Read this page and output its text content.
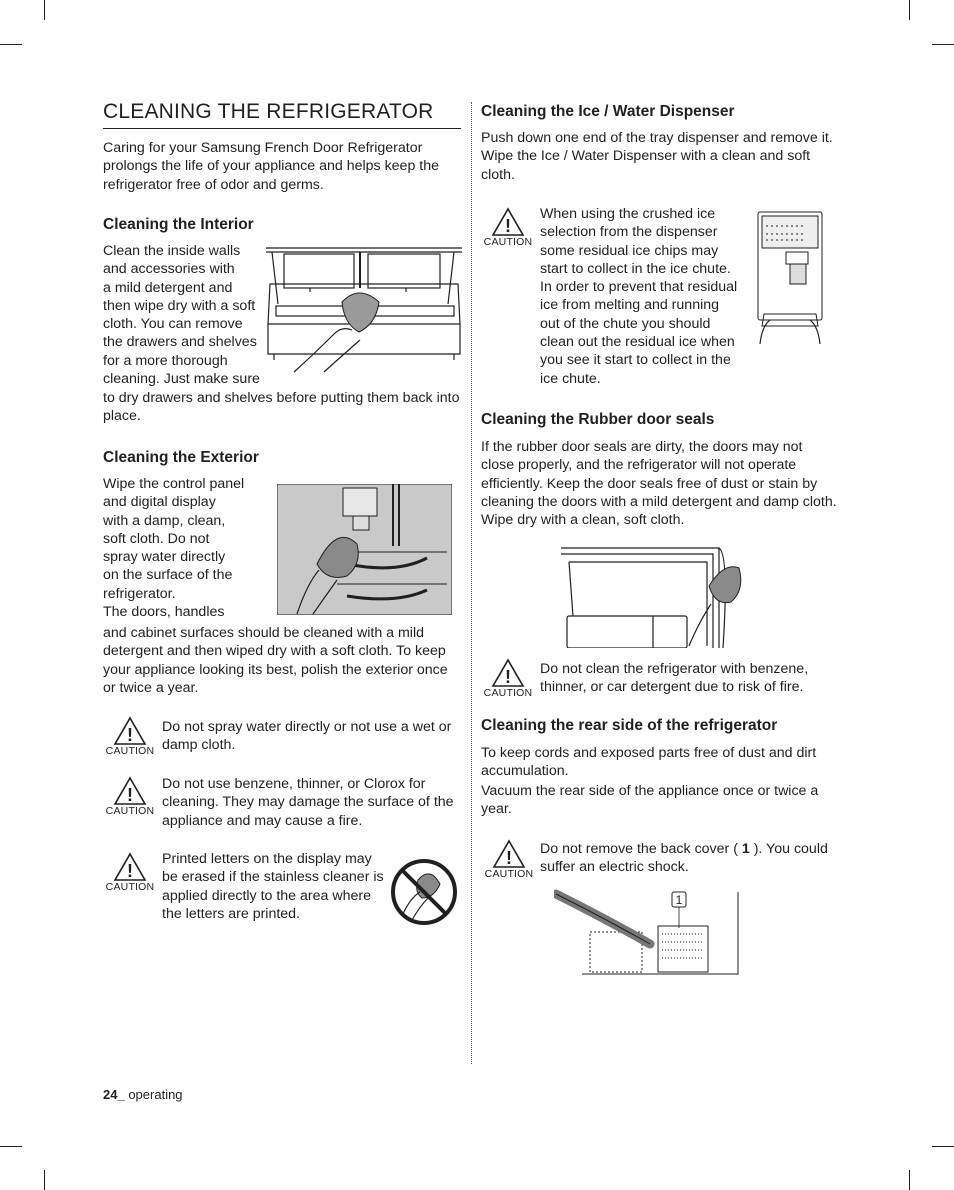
CLEANING THE REFRIGERATOR

Caring for your Samsung French Door Refrigerator prolongs the life of your appliance and helps keep the refrigerator free of odor and germs.

Cleaning the Interior

Clean the inside walls

and accessories with

a mild detergent and

then wipe dry with a soft

cloth. You can remove

the drawers and shelves

for a more thorough

cleaning. Just make sure

to dry drawers and shelves before putting them back into place.

Cleaning the Exterior

Wipe the control panel

and digital display

with a damp, clean,

soft cloth. Do not

spray water directly

on the surface of the

refrigerator.

The doors, handles

and cabinet surfaces should be cleaned with a mild detergent and then wiped dry with a soft cloth. To keep your appliance looking its best, polish the exterior once or twice a year.

!
CAUTION

Do not spray water directly or not use a wet or damp cloth.

!
CAUTION

Do not use benzene, thinner, or Clorox for cleaning. They may damage the surface of the appliance and may cause a fire.

!
CAUTION

Printed letters on the display may be erased if the stainless cleaner is applied directly to the area where the letters are printed.

Cleaning the Ice / Water Dispenser

Push down one end of the tray dispenser and remove it. Wipe the Ice / Water Dispenser with a clean and soft cloth.

!
CAUTION

When using the crushed ice selection from the dispenser some residual ice chips may start to collect in the ice chute. In order to prevent that residual ice from melting and running out of the chute you should clean out the residual ice when you see it start to collect in the ice chute.

Cleaning the Rubber door seals

If the rubber door seals are dirty, the doors may not close properly, and the refrigerator will not operate efficiently. Keep the door seals free of dust or stain by cleaning the doors with a mild detergent and damp cloth. Wipe dry with a clean, soft cloth.

!
CAUTION

Do not clean the refrigerator with benzene, thinner, or car detergent due to risk of fire.

Cleaning the rear side of the refrigerator

To keep cords and exposed parts free of dust and dirt accumulation.

Vacuum the rear side of the appliance once or twice a year.

!
CAUTION

Do not remove the back cover ( 1 ). You could suffer an electric shock.

1
24_ operating
